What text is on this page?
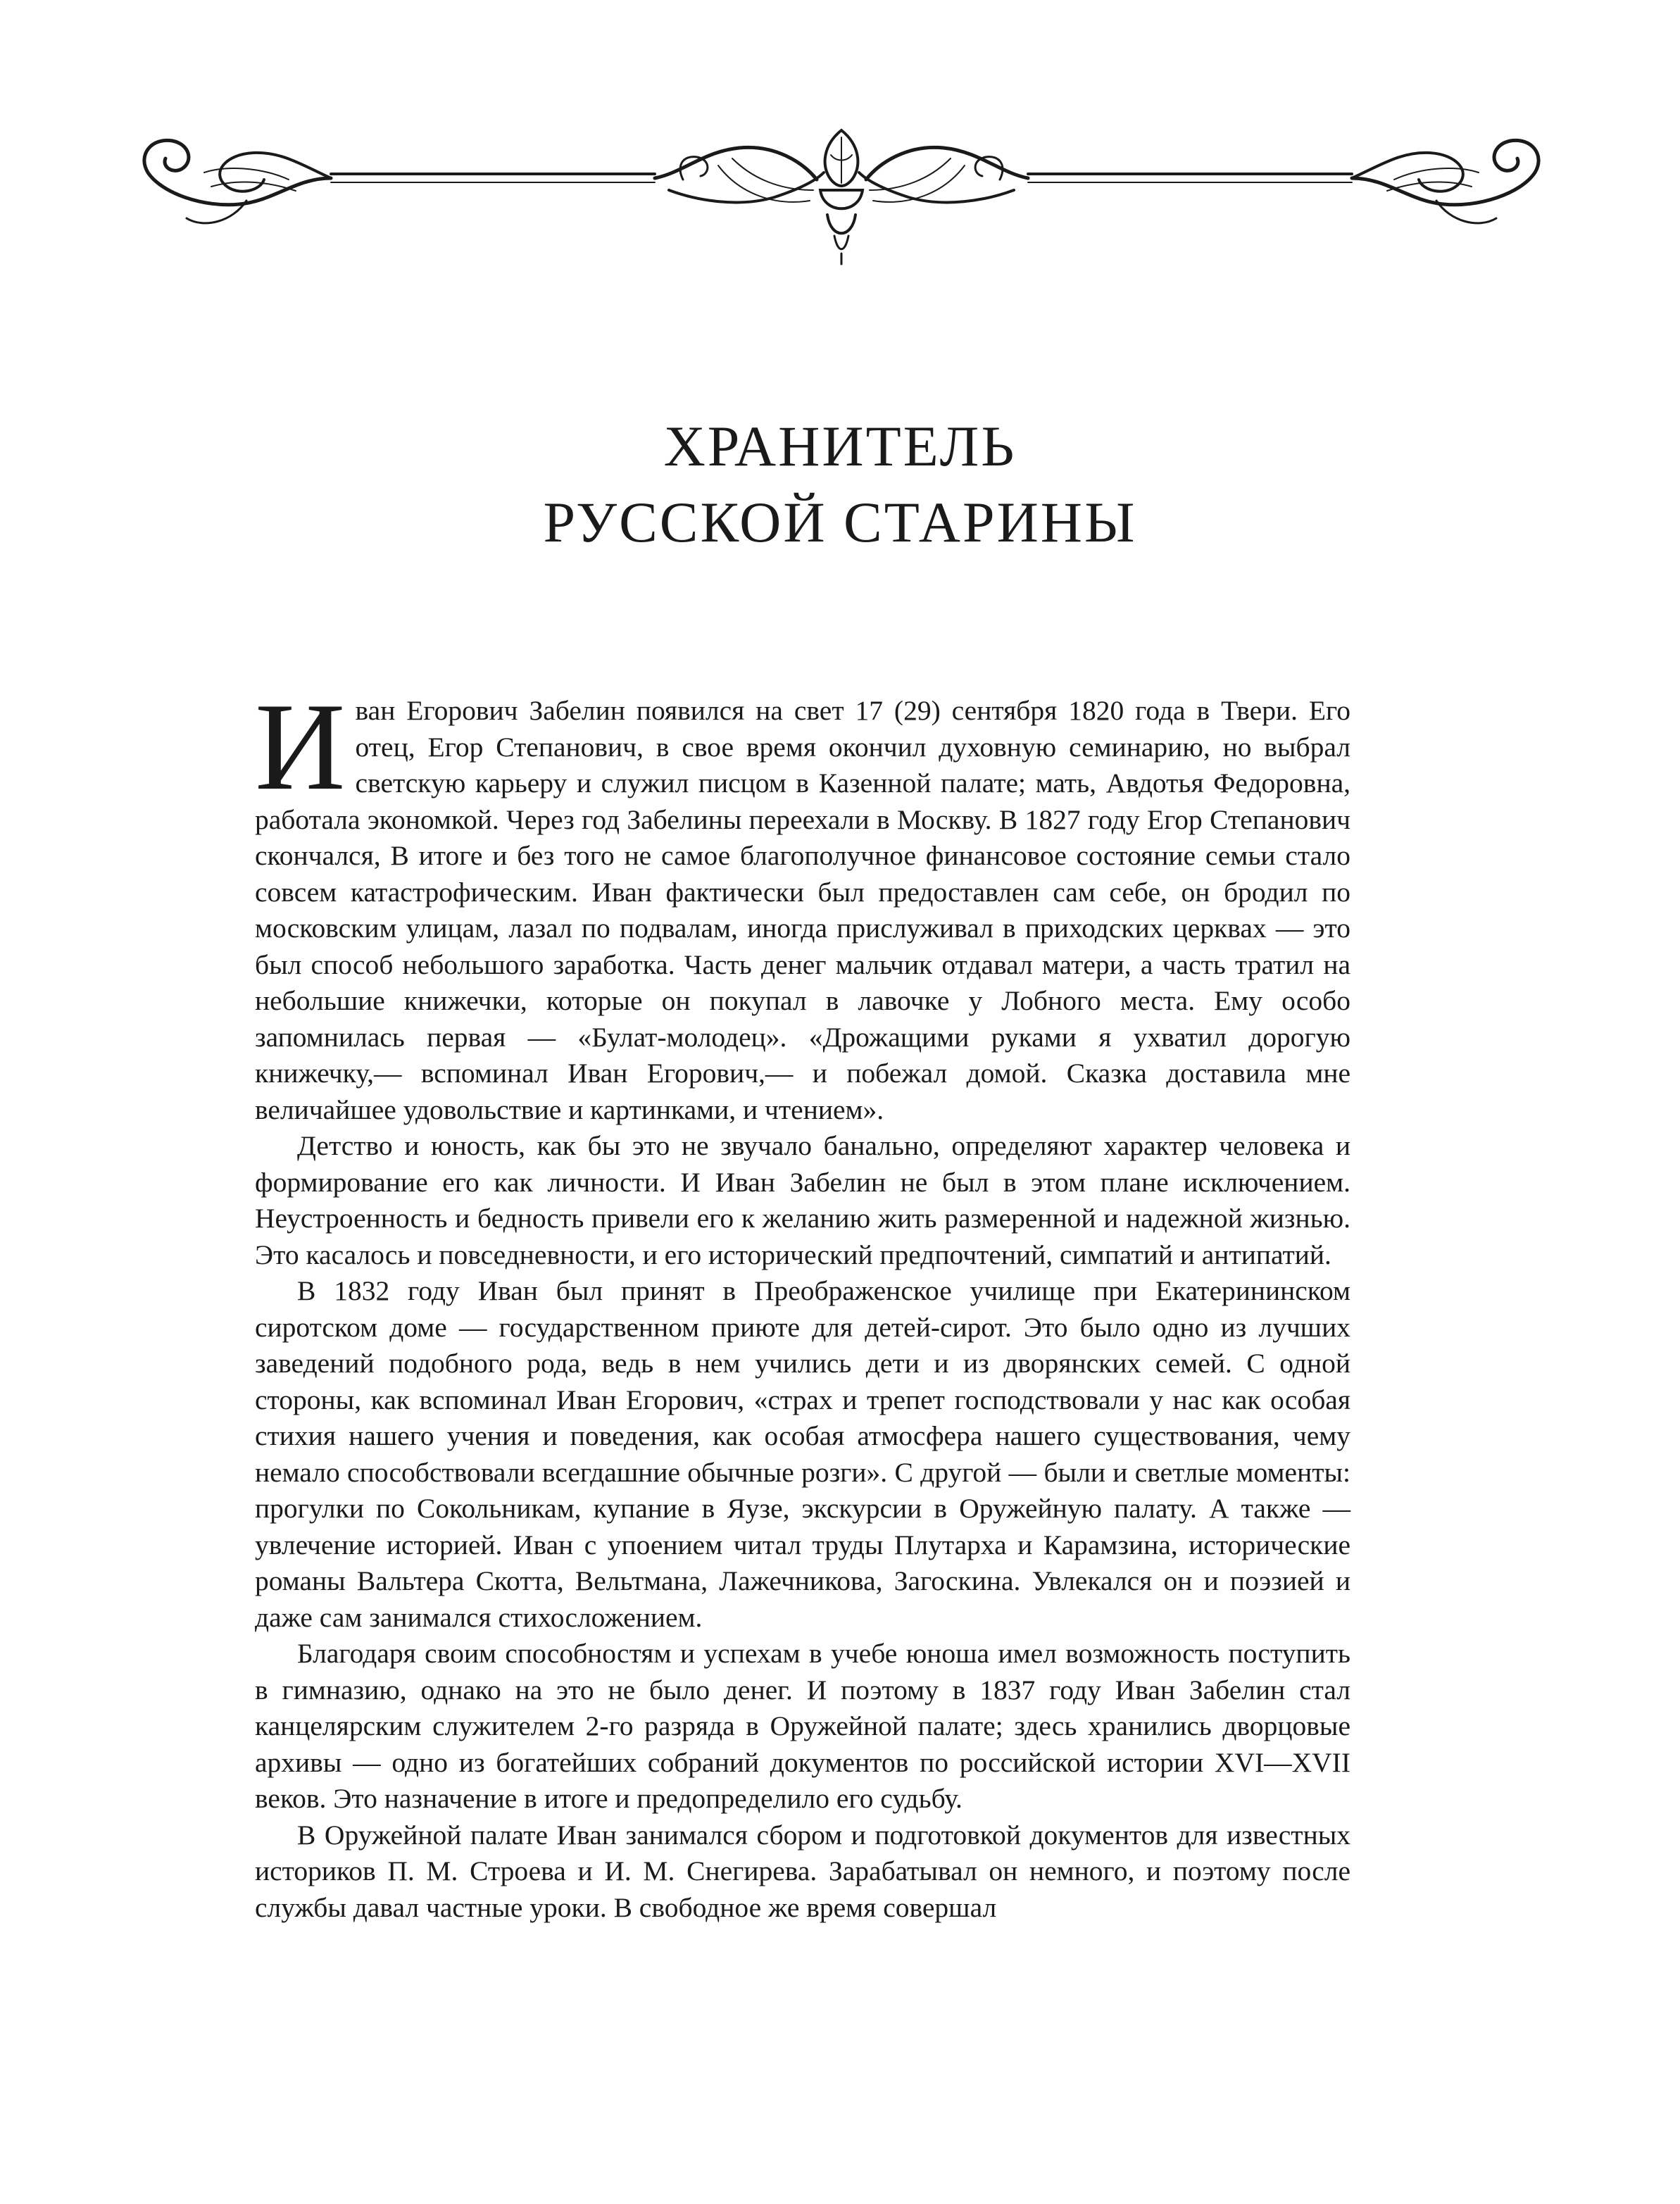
ХРАНИТЕЛЬ
РУССКОЙ СТАРИНЫ

Иван Егорович Забелин появился на свет 17 (29) сентября 1820 года в Твери. Его отец, Егор Степанович, в свое время окончил духовную семинарию, но выбрал светскую карьеру и служил писцом в Казенной палате; мать, Авдотья Федоровна, работала экономкой. Через год Забелины переехали в Москву. В 1827 году Егор Степанович скончался, В итоге и без того не самое благополучное финансовое состояние семьи стало совсем катастрофическим. Иван фактически был предоставлен сам себе, он бродил по московским улицам, лазал по подвалам, иногда прислуживал в приходских церквах — это был способ небольшого заработка. Часть денег мальчик отдавал матери, а часть тратил на небольшие книжечки, которые он покупал в лавочке у Лобного места. Ему особо запомнилась первая — «Булат-молодец». «Дрожащими руками я ухватил дорогую книжечку,— вспоминал Иван Егорович,— и побежал домой. Сказка доставила мне величайшее удовольствие и картинками, и чтением».

Детство и юность, как бы это не звучало банально, определяют характер человека и формирование его как личности. И Иван Забелин не был в этом плане исключением. Неустроенность и бедность привели его к желанию жить размеренной и надежной жизнью. Это касалось и повседневности, и его исторический предпочтений, симпатий и антипатий.

В 1832 году Иван был принят в Преображенское училище при Екатерининском сиротском доме — государственном приюте для детей-сирот. Это было одно из лучших заведений подобного рода, ведь в нем учились дети и из дворянских семей. С одной стороны, как вспоминал Иван Егорович, «страх и трепет господствовали у нас как особая стихия нашего учения и поведения, как особая атмосфера нашего существования, чему немало способствовали всегдашние обычные розги». С другой — были и светлые моменты: прогулки по Сокольникам, купание в Яузе, экскурсии в Оружейную палату. А также — увлечение историей. Иван с упоением читал труды Плутарха и Карамзина, исторические романы Вальтера Скотта, Вельтмана, Лажечникова, Загоскина. Увлекался он и поэзией и даже сам занимался стихосложением.

Благодаря своим способностям и успехам в учебе юноша имел возможность поступить в гимназию, однако на это не было денег. И поэтому в 1837 году Иван Забелин стал канцелярским служителем 2-го разряда в Оружейной палате; здесь хранились дворцовые архивы — одно из богатейших собраний документов по российской истории XVI—XVII веков. Это назначение в итоге и предопределило его судьбу.

В Оружейной палате Иван занимался сбором и подготовкой документов для известных историков П. М. Строева и И. М. Снегирева. Зарабатывал он немного, и поэтому после службы давал частные уроки. В свободное же время совершал
